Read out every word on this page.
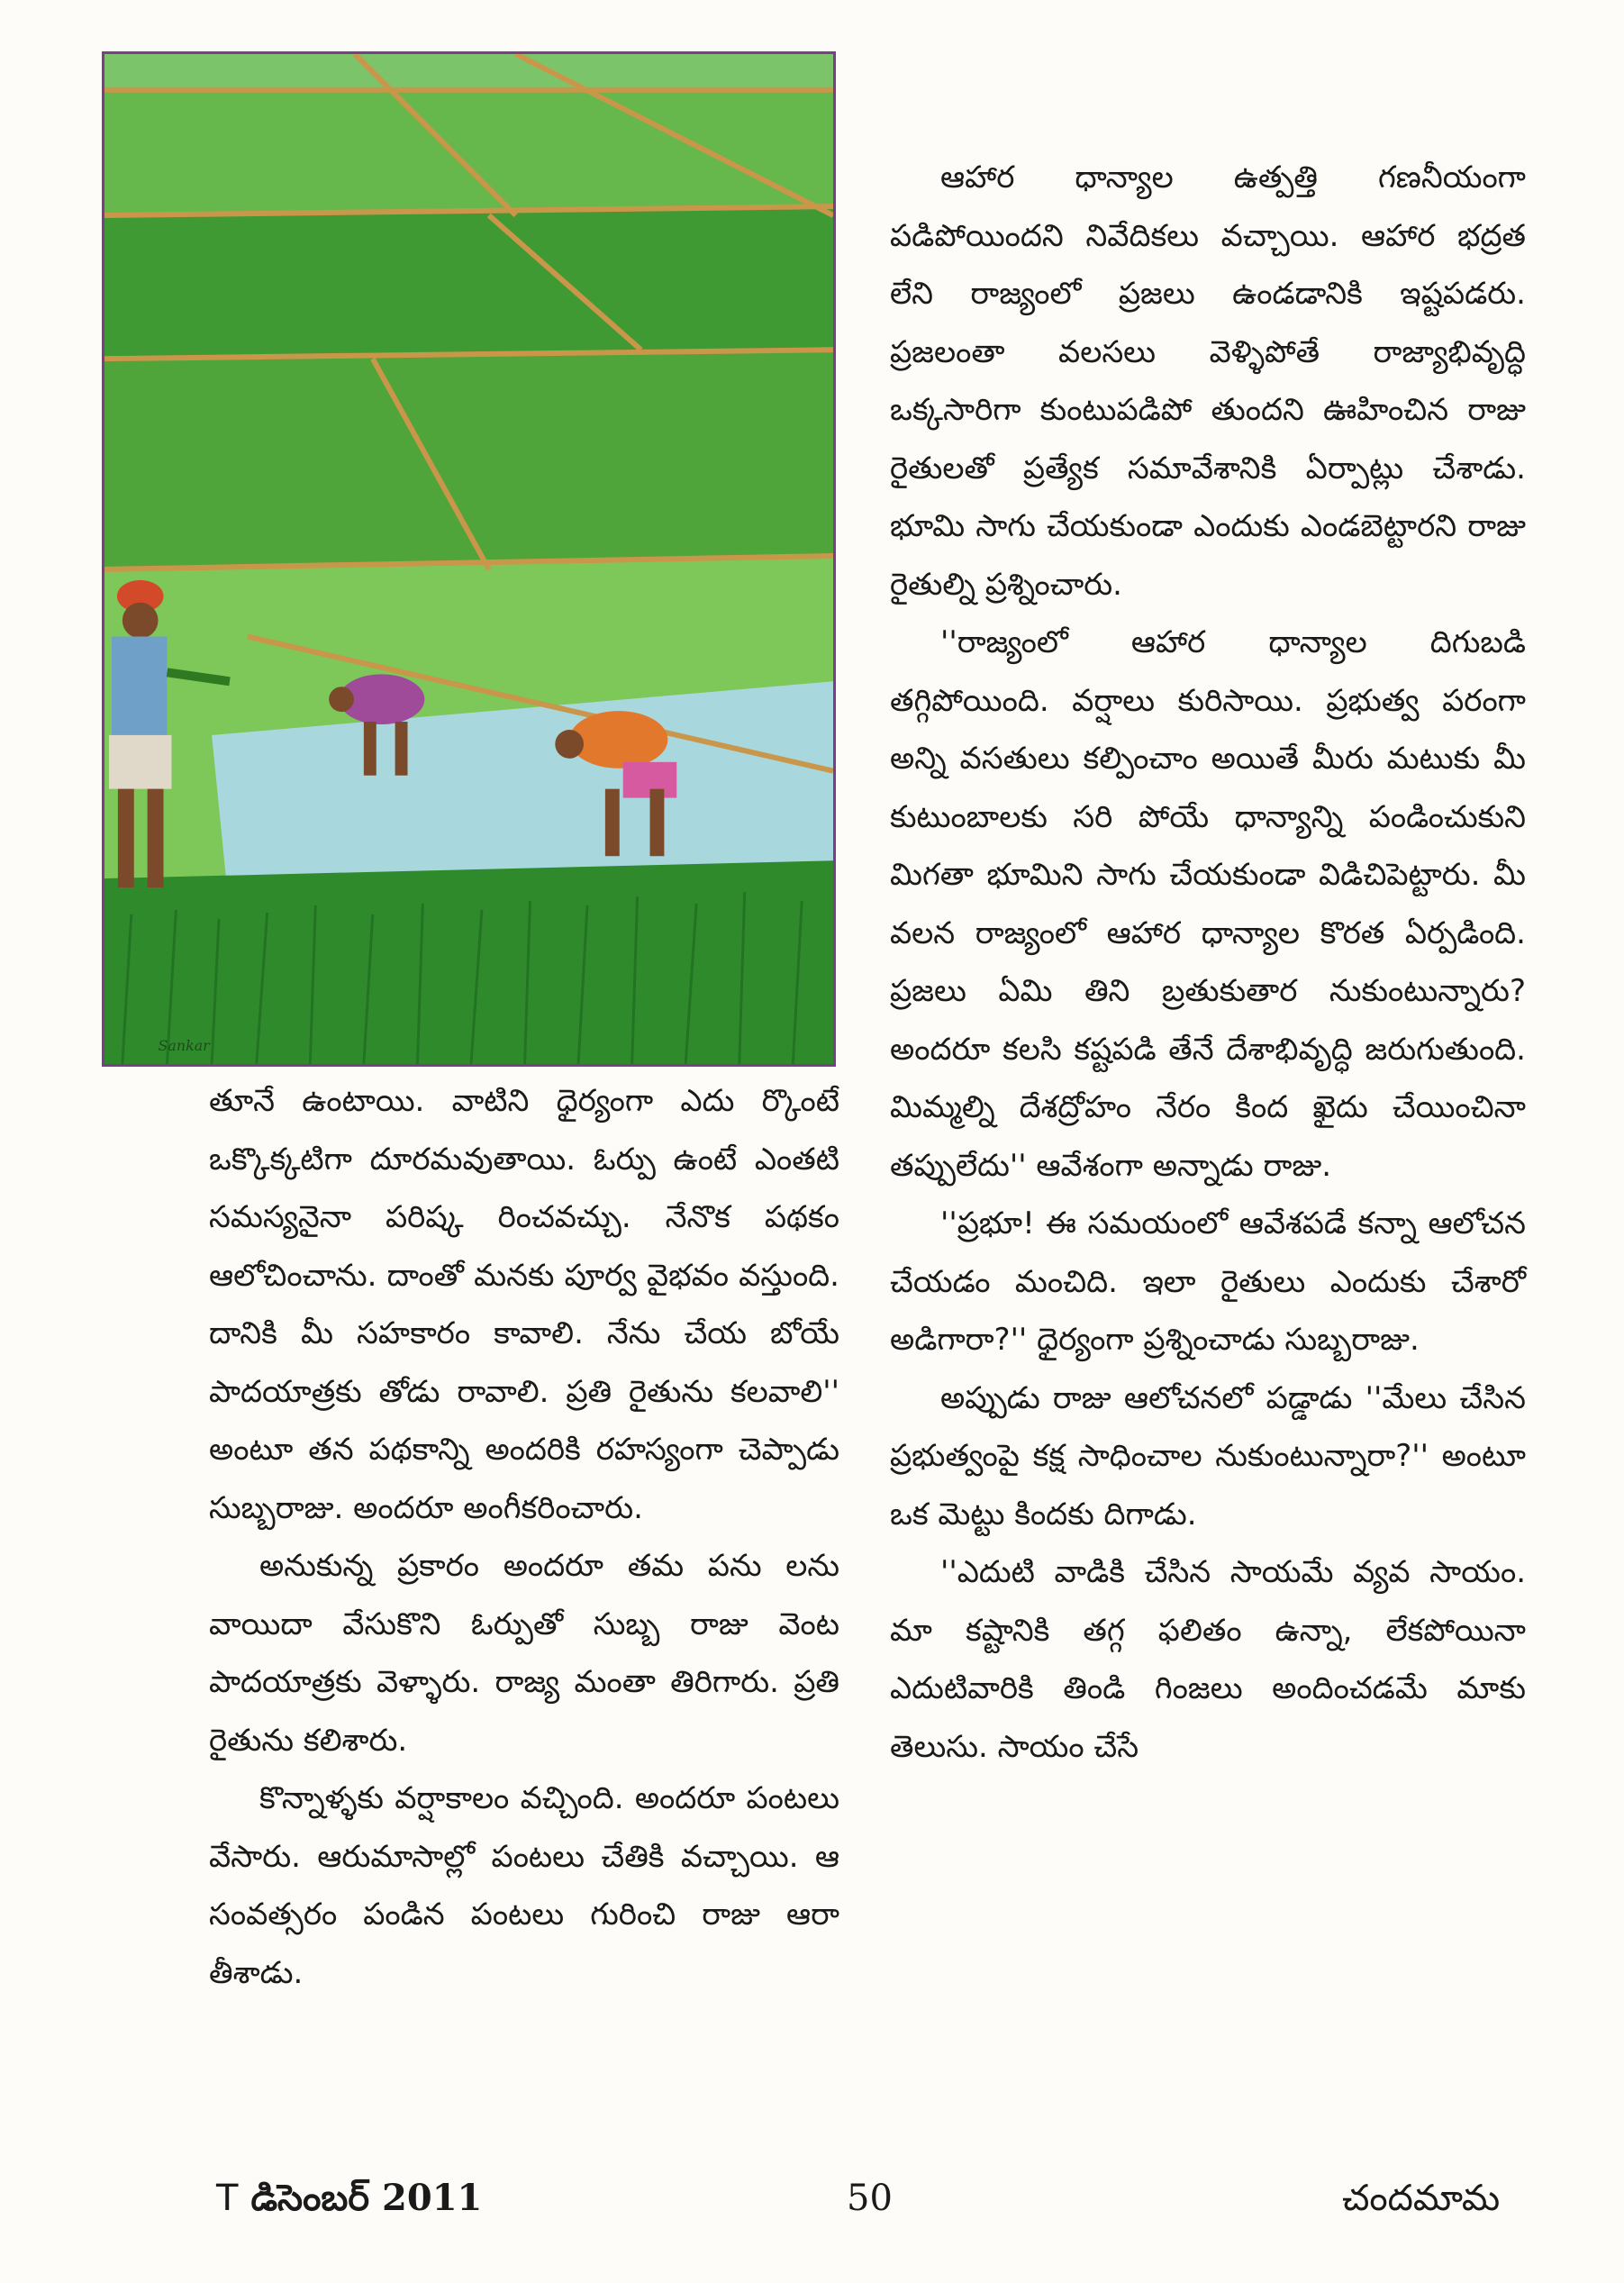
Sankar

తూనే ఉంటాయి. వాటిని ధైర్యంగా ఎదు ర్కొంటే ఒక్కొక్కటిగా దూరమవుతాయి. ఓర్పు ఉంటే ఎంతటి సమస్యనైనా పరిష్క రించవచ్చు. నేనొక పథకం ఆలోచించాను. దాంతో మనకు పూర్వ వైభవం వస్తుంది. దానికి మీ సహకారం కావాలి. నేను చేయ బోయే పాదయాత్రకు తోడు రావాలి. ప్రతి రైతును కలవాలి'' అంటూ తన పథకాన్ని అందరికి రహస్యంగా చెప్పాడు సుబ్బరాజు. అందరూ అంగీకరించారు.

అనుకున్న ప్రకారం అందరూ తమ పను లను వాయిదా వేసుకొని ఓర్పుతో సుబ్బ రాజు వెంట పాదయాత్రకు వెళ్ళారు. రాజ్య మంతా తిరిగారు. ప్రతి రైతును కలిశారు.

కొన్నాళ్ళకు వర్షాకాలం వచ్చింది. అందరూ పంటలు వేసారు. ఆరుమాసాల్లో పంటలు చేతికి వచ్చాయి. ఆ సంవత్సరం పండిన పంటలు గురించి రాజు ఆరా తీశాడు.

ఆహార ధాన్యాల ఉత్పత్తి గణనీయంగా పడిపోయిందని నివేదికలు వచ్చాయి. ఆహార భద్రత లేని రాజ్యంలో ప్రజలు ఉండడానికి ఇష్టపడరు. ప్రజలంతా వలసలు వెళ్ళిపోతే రాజ్యాభివృద్ధి ఒక్కసారిగా కుంటుపడిపో తుందని ఊహించిన రాజు రైతులతో ప్రత్యేక సమావేశానికి ఏర్పాట్లు చేశాడు. భూమి సాగు చేయకుండా ఎందుకు ఎండబెట్టారని రాజు రైతుల్ని ప్రశ్నించారు.

''రాజ్యంలో ఆహార ధాన్యాల దిగుబడి తగ్గిపోయింది. వర్షాలు కురిసాయి. ప్రభుత్వ పరంగా అన్ని వసతులు కల్పించాం అయితే మీరు మటుకు మీ కుటుంబాలకు సరి పోయే ధాన్యాన్ని పండించుకుని మిగతా భూమిని సాగు చేయకుండా విడిచిపెట్టారు. మీ వలన రాజ్యంలో ఆహార ధాన్యాల కొరత ఏర్పడింది. ప్రజలు ఏమి తిని బ్రతుకుతార నుకుంటున్నారు? అందరూ కలసి కష్టపడి తేనే దేశాభివృద్ధి జరుగుతుంది. మిమ్మల్ని దేశద్రోహం నేరం కింద ఖైదు చేయించినా తప్పులేదు'' ఆవేశంగా అన్నాడు రాజు.

''ప్రభూ! ఈ సమయంలో ఆవేశపడే కన్నా ఆలోచన చేయడం మంచిది. ఇలా రైతులు ఎందుకు చేశారో అడిగారా?'' ధైర్యంగా ప్రశ్నించాడు సుబ్బరాజు.

అప్పుడు రాజు ఆలోచనలో పడ్డాడు ''మేలు చేసిన ప్రభుత్వంపై కక్ష సాధించాల నుకుంటున్నారా?'' అంటూ ఒక మెట్టు కిందకు దిగాడు.

''ఎదుటి వాడికి చేసిన సాయమే వ్యవ సాయం. మా కష్టానికి తగ్గ ఫలితం ఉన్నా, లేకపోయినా ఎదుటివారికి తిండి గింజలు అందించడమే మాకు తెలుసు. సాయం చేసే

T డిసెంబర్ 2011	50	చందమామ
